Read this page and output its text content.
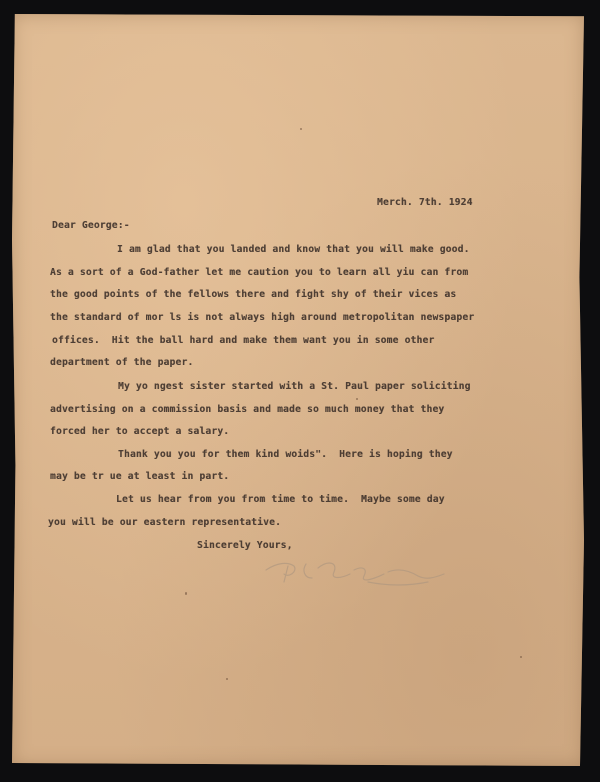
Merch. 7th. 1924
Dear George:-
I am glad that you landed and know that you will make good.
As a sort of a God-father let me caution you to learn all yiu can from
the good points of the fellows there and fight shy of their vices as
the standard of mor ls is not always high around metropolitan newspaper
offices.  Hit the ball hard and make them want you in some other
department of the paper.
My yo ngest sister started with a St. Paul paper soliciting
advertising on a commission basis and made so much money that they
forced her to accept a salary.
Thank you you for them kind woids".  Here is hoping they
may be tr ue at least in part.
Let us hear from you from time to time.  Maybe some day
you will be our eastern representative.
Sincerely Yours,
